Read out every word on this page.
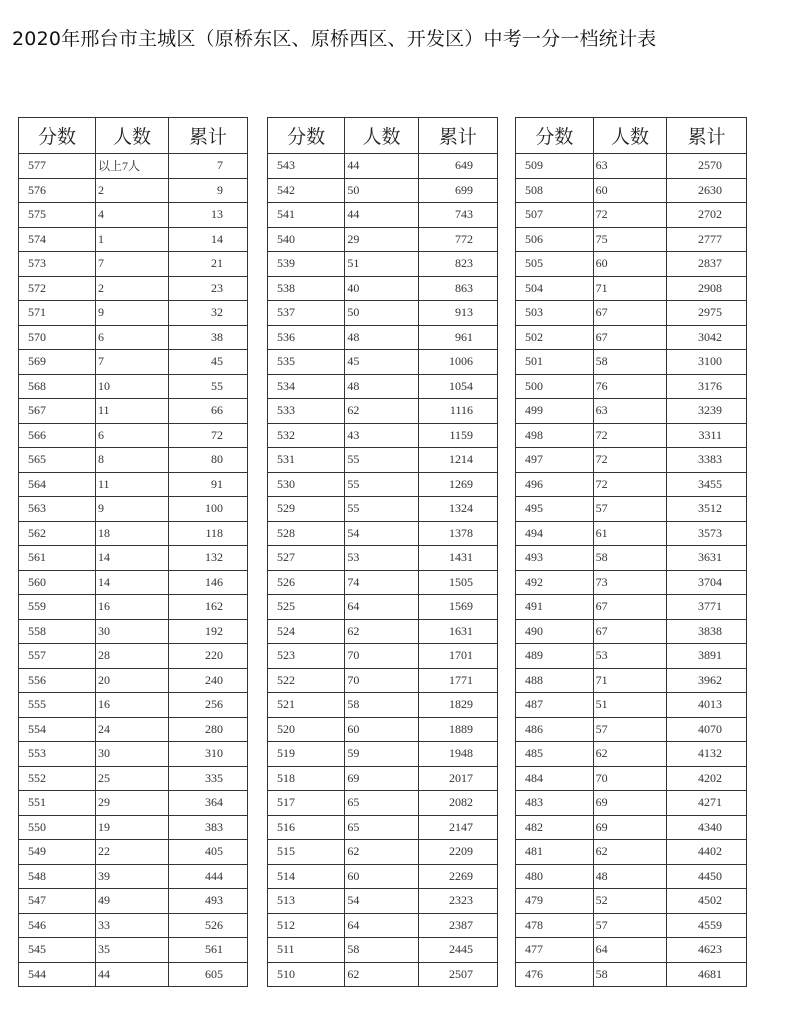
2020年邢台市主城区（原桥东区、原桥西区、开发区）中考一分一档统计表
分数	人数	累计
577	以上7人	7
576	2	9
575	4	13
574	1	14
573	7	21
572	2	23
571	9	32
570	6	38
569	7	45
568	10	55
567	11	66
566	6	72
565	8	80
564	11	91
563	9	100
562	18	118
561	14	132
560	14	146
559	16	162
558	30	192
557	28	220
556	20	240
555	16	256
554	24	280
553	30	310
552	25	335
551	29	364
550	19	383
549	22	405
548	39	444
547	49	493
546	33	526
545	35	561
544	44	605
分数	人数	累计
543	44	649
542	50	699
541	44	743
540	29	772
539	51	823
538	40	863
537	50	913
536	48	961
535	45	1006
534	48	1054
533	62	1116
532	43	1159
531	55	1214
530	55	1269
529	55	1324
528	54	1378
527	53	1431
526	74	1505
525	64	1569
524	62	1631
523	70	1701
522	70	1771
521	58	1829
520	60	1889
519	59	1948
518	69	2017
517	65	2082
516	65	2147
515	62	2209
514	60	2269
513	54	2323
512	64	2387
511	58	2445
510	62	2507
分数	人数	累计
509	63	2570
508	60	2630
507	72	2702
506	75	2777
505	60	2837
504	71	2908
503	67	2975
502	67	3042
501	58	3100
500	76	3176
499	63	3239
498	72	3311
497	72	3383
496	72	3455
495	57	3512
494	61	3573
493	58	3631
492	73	3704
491	67	3771
490	67	3838
489	53	3891
488	71	3962
487	51	4013
486	57	4070
485	62	4132
484	70	4202
483	69	4271
482	69	4340
481	62	4402
480	48	4450
479	52	4502
478	57	4559
477	64	4623
476	58	4681
